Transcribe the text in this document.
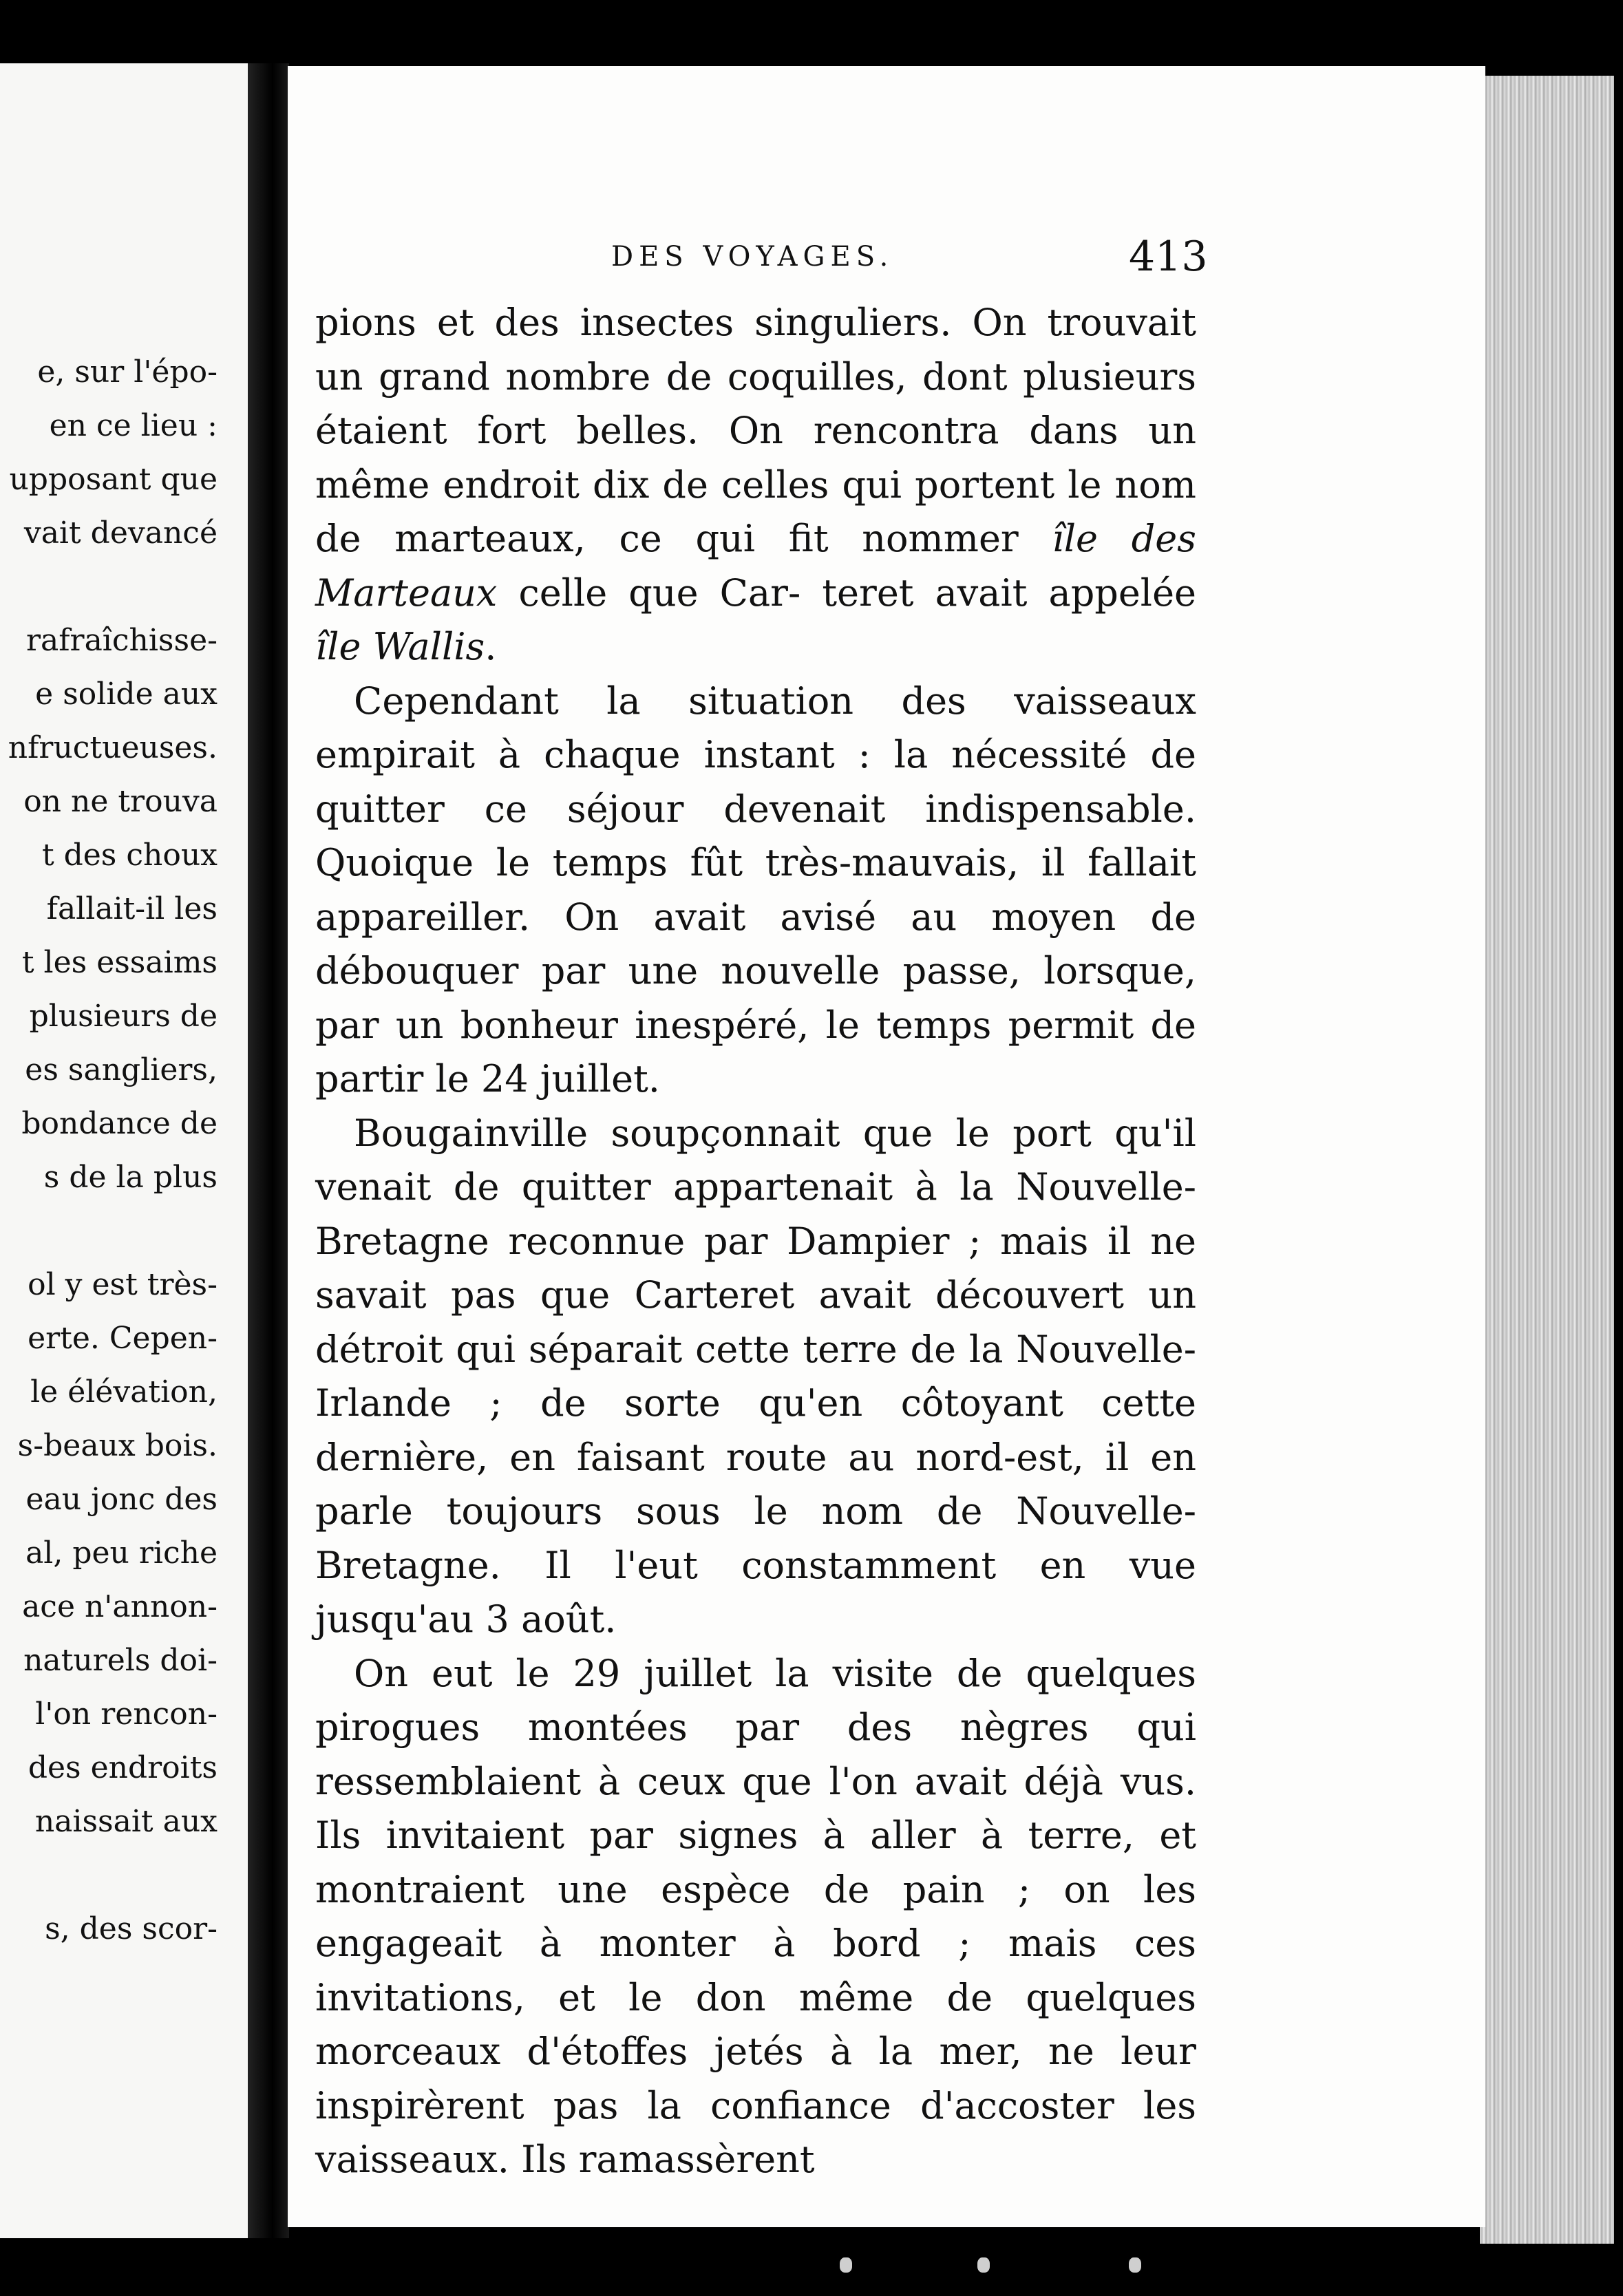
e, sur l'épo-
en ce lieu :
upposant que
vait devancé
rafraîchisse-
e solide aux
nfructueuses.
on ne trouva
t des choux
fallait-il les
t les essaims
plusieurs de
es sangliers,
bondance de
s de la plus
ol y est très-
erte. Cepen-
le élévation,
s-beaux bois.
eau jonc des
al, peu riche
ace n'annon-
naturels doi-
l'on rencon-
des endroits
naissait aux
s, des scor-
DES VOYAGES.	413

pions et des insectes singuliers. On trouvait un grand nombre de coquilles, dont plusieurs étaient fort belles. On rencontra dans un même endroit dix de celles qui portent le nom de marteaux, ce qui fit nommer île des Marteaux celle que Car- teret avait appelée île Wallis.

Cependant la situation des vaisseaux empirait à chaque instant : la nécessité de quitter ce séjour devenait indispensable. Quoique le temps fût très-mauvais, il fallait appareiller. On avait avisé au moyen de débouquer par une nouvelle passe, lorsque, par un bonheur inespéré, le temps permit de partir le 24 juillet.

Bougainville soupçonnait que le port qu'il venait de quitter appartenait à la Nouvelle-Bretagne reconnue par Dampier ; mais il ne savait pas que Carteret avait découvert un détroit qui séparait cette terre de la Nouvelle-Irlande ; de sorte qu'en côtoyant cette dernière, en faisant route au nord-est, il en parle toujours sous le nom de Nouvelle-Bretagne. Il l'eut constamment en vue jusqu'au 3 août.

On eut le 29 juillet la visite de quelques pirogues montées par des nègres qui ressemblaient à ceux que l'on avait déjà vus. Ils invitaient par signes à aller à terre, et montraient une espèce de pain ; on les engageait à monter à bord ; mais ces invitations, et le don même de quelques morceaux d'étoffes jetés à la mer, ne leur inspirèrent pas la confiance d'accoster les vaisseaux. Ils ramassèrent
